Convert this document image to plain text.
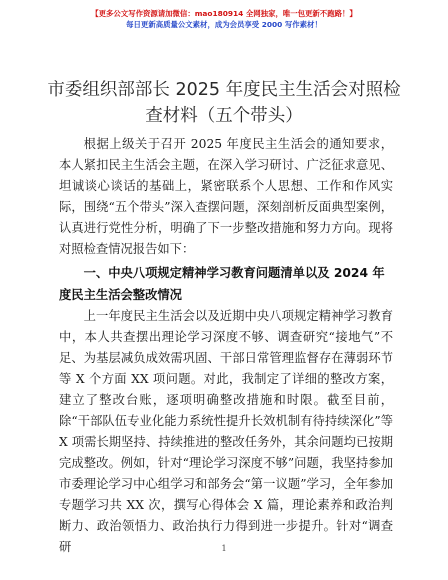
【更多公文写作资源请加微信：mao180914 全网独家，唯一包更新不跑路！】
每日更新高质量公文素材，成为会员享受 2000 写作素材！
市委组织部部长 2025 年度民主生活会对照检查材料（五个带头）

根据上级关于召开 2025 年度民主生活会的通知要求，本人紧扣民主生活会主题，在深入学习研讨、广泛征求意见、坦诚谈心谈话的基础上，紧密联系个人思想、工作和作风实际，围绕“五个带头”深入查摆问题，深刻剖析反面典型案例，认真进行党性分析，明确了下一步整改措施和努力方向。现将对照检查情况报告如下：

一、中央八项规定精神学习教育问题清单以及 2024 年度民主生活会整改情况

上一年度民主生活会以及近期中央八项规定精神学习教育中，本人共查摆出理论学习深度不够、调查研究“接地气”不足、为基层减负成效需巩固、干部日常管理监督存在薄弱环节等 X 个方面 XX 项问题。对此，我制定了详细的整改方案，建立了整改台账，逐项明确整改措施和时限。截至目前，除“干部队伍专业化能力系统性提升长效机制有待持续深化”等 X 项需长期坚持、持续推进的整改任务外，其余问题均已按期完成整改。例如，针对“理论学习深度不够”问题，我坚持参加市委理论学习中心组学习和部务会“第一议题”学习，全年参加专题学习共 XX 次，撰写心得体会 X 篇，理论素养和政治判断力、政治领悟力、政治执行力得到进一步提升。针对“调查研	1
